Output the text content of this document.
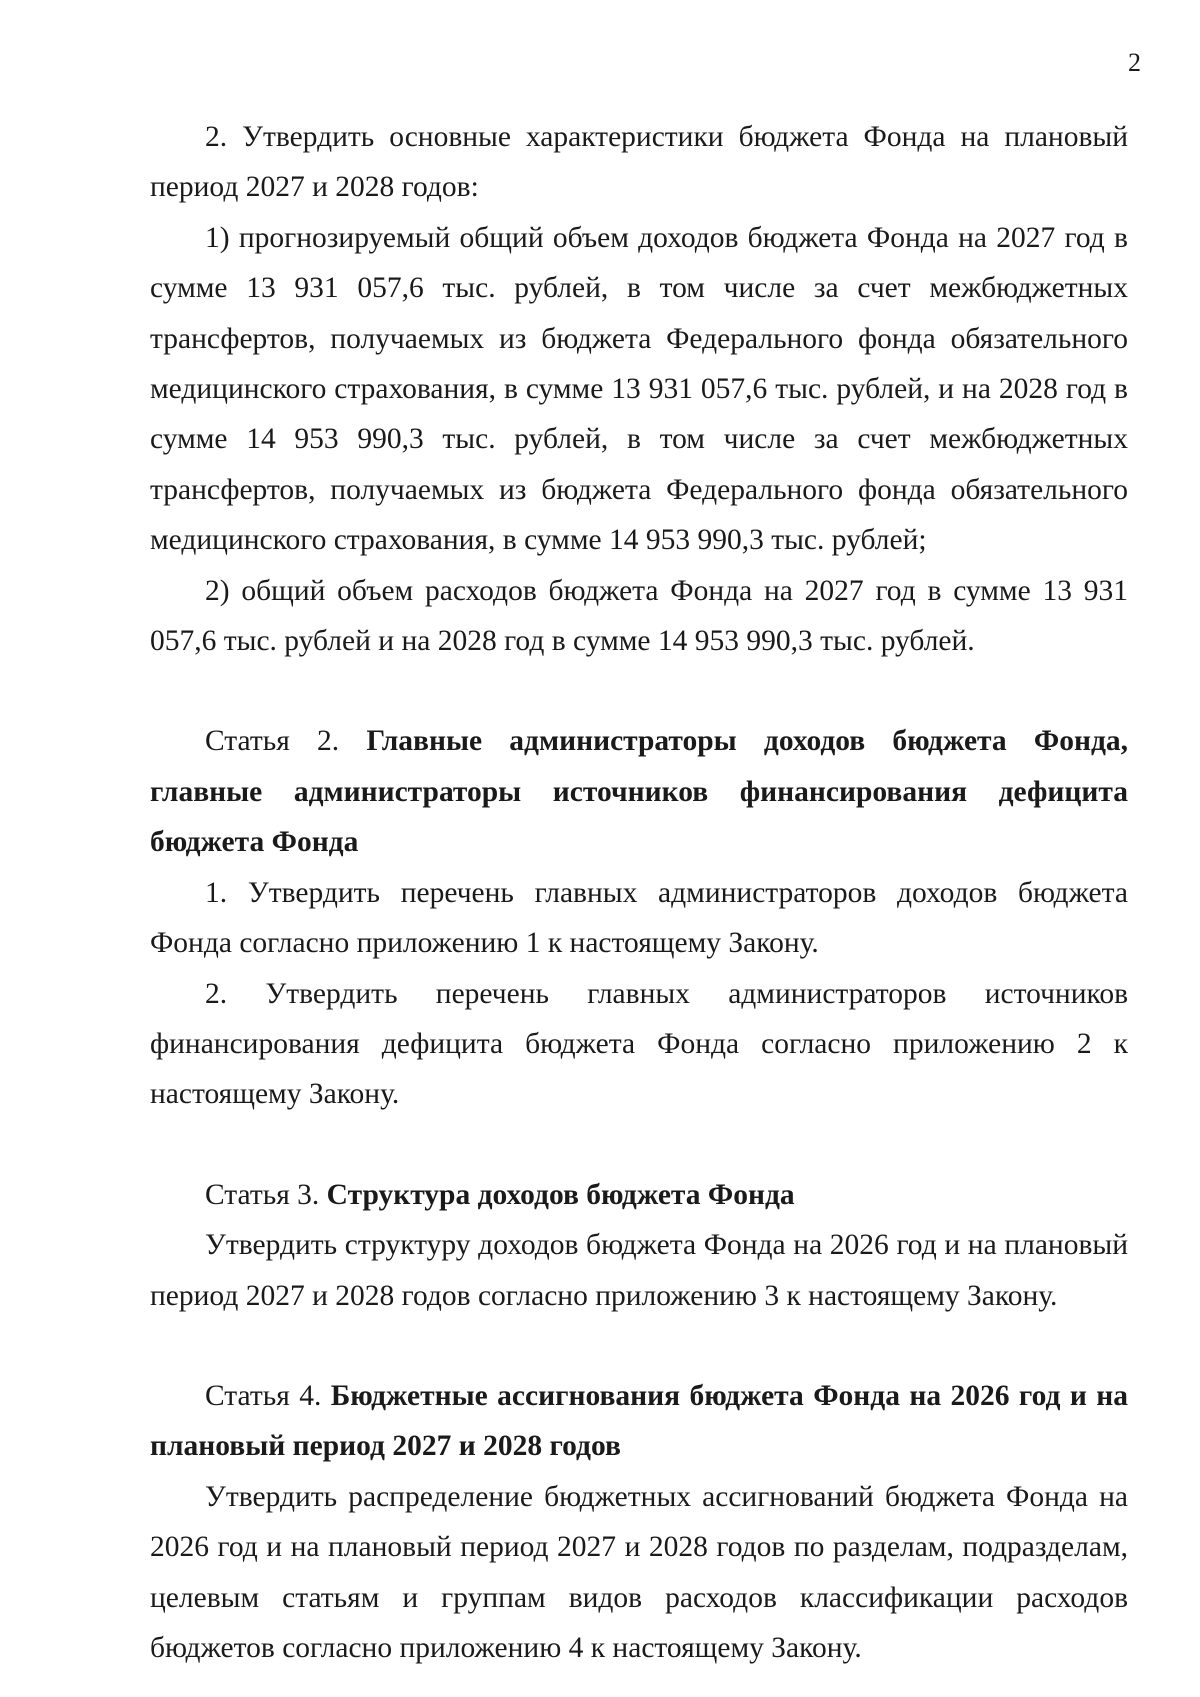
2

2. Утвердить основные характеристики бюджета Фонда на плановый период 2027 и 2028 годов:

1) прогнозируемый общий объем доходов бюджета Фонда на 2027 год в сумме 13 931 057,6 тыс. рублей, в том числе за счет межбюджетных трансфертов, получаемых из бюджета Федерального фонда обязательного медицинского страхования, в сумме 13 931 057,6 тыс. рублей, и на 2028 год в сумме 14 953 990,3 тыс. рублей, в том числе за счет межбюджетных трансфертов, получаемых из бюджета Федерального фонда обязательного медицинского страхования, в сумме 14 953 990,3 тыс. рублей;

2) общий объем расходов бюджета Фонда на 2027 год в сумме 13 931 057,6 тыс. рублей и на 2028 год в сумме 14 953 990,3 тыс. рублей.

Статья 2. Главные администраторы доходов бюджета Фонда, главные администраторы источников финансирования дефицита бюджета Фонда

1. Утвердить перечень главных администраторов доходов бюджета Фонда согласно приложению 1 к настоящему Закону.

2. Утвердить перечень главных администраторов источников финансирования дефицита бюджета Фонда согласно приложению 2 к настоящему Закону.

Статья 3. Структура доходов бюджета Фонда

Утвердить структуру доходов бюджета Фонда на 2026 год и на плановый период 2027 и 2028 годов согласно приложению 3 к настоящему Закону.

Статья 4. Бюджетные ассигнования бюджета Фонда на 2026 год и на плановый период 2027 и 2028 годов

Утвердить распределение бюджетных ассигнований бюджета Фонда на 2026 год и на плановый период 2027 и 2028 годов по разделам, подразделам, целевым статьям и группам видов расходов классификации расходов бюджетов согласно приложению 4 к настоящему Закону.
